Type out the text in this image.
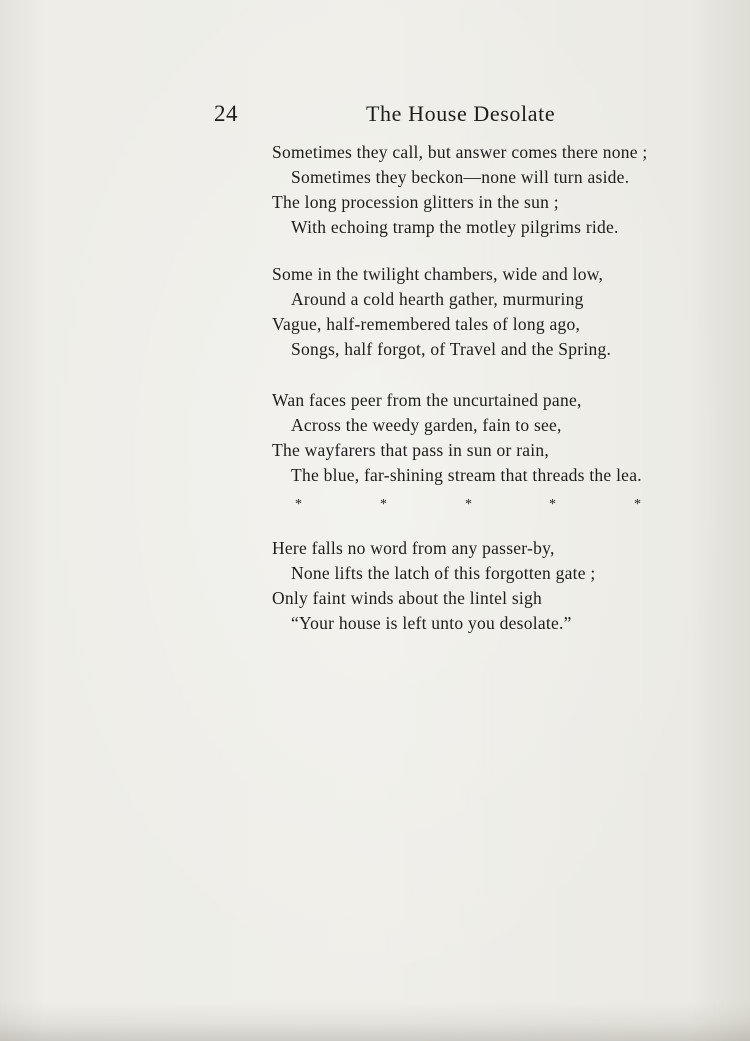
24	The House Desolate
Sometimes they call, but answer comes there none ;
Sometimes they beckon—none will turn aside.
The long procession glitters in the sun ;
With echoing tramp the motley pilgrims ride.
Some in the twilight chambers, wide and low,
Around a cold hearth gather, murmuring
Vague, half-remembered tales of long ago,
Songs, half forgot, of Travel and the Spring.
Wan faces peer from the uncurtained pane,
Across the weedy garden, fain to see,
The wayfarers that pass in sun or rain,
The blue, far-shining stream that threads the lea.
*	*	*	*	*
Here falls no word from any passer-by,
None lifts the latch of this forgotten gate ;
Only faint winds about the lintel sigh
“Your house is left unto you desolate.”
